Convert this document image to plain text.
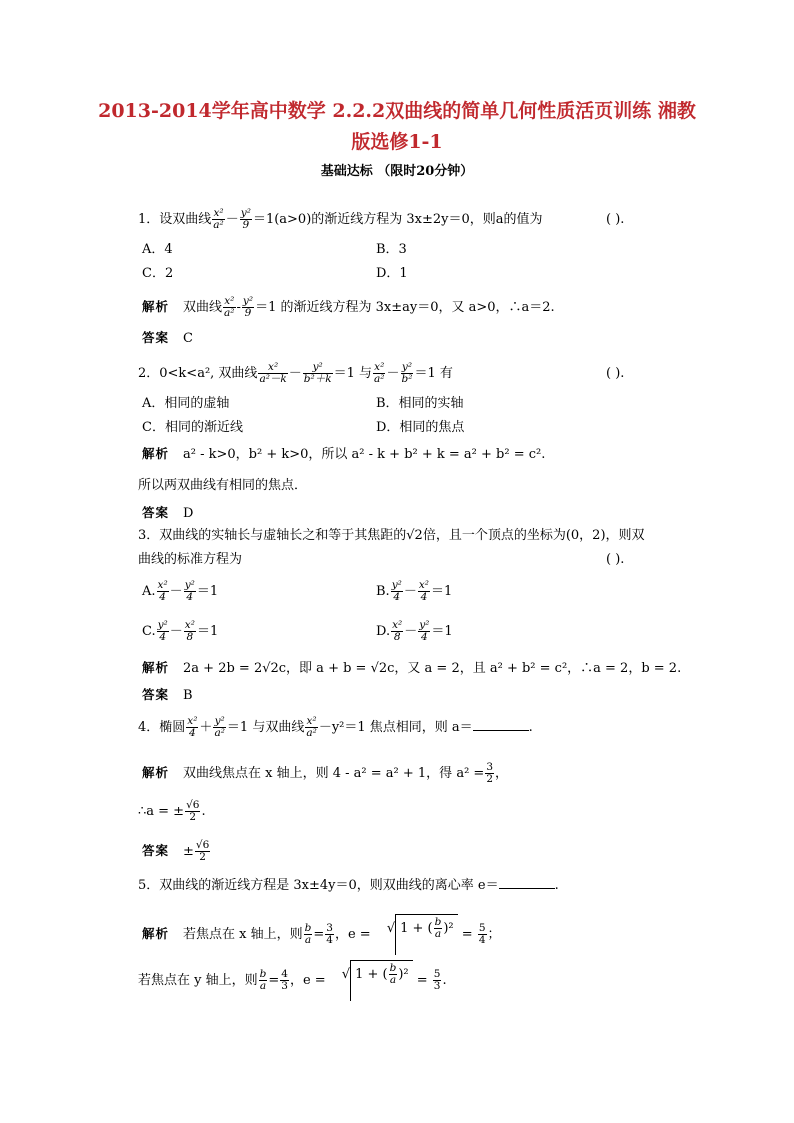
2013-2014学年高中数学 2.2.2双曲线的简单几何性质活页训练 湘教
版选修1-1
基础达标 （限时20分钟）
1．设双曲线 $\frac{\text{x²}}{\text{a²}} - \frac{\text{y²}}{9} =1(a>0)$的渐近线方程为 3x±2y＝0，则a的值为	( ).
A．4	B．3
C．2	D．1
解析 双曲线 $\frac{\text{x²}}{\text{a²}} - \frac{\text{y²}}{9} =1$ 的渐近线方程为 3x±ay＝0，又 a>0，∴a＝2.
答案 C
2．0<k<a², 双曲线 $\frac{\text{x²}}{\text{a²－k}} - \frac{\text{y²}}{\text{b²＋k}} =1$ 与 $\frac{\text{x²}}{\text{a²}} - \frac{\text{y²}}{\text{b²}} =1$ 有	( ).
A．相同的虚轴	B．相同的实轴
C．相同的渐近线	D．相同的焦点
解析 a² - k>0，b² + k>0，所以 a² - k + b² + k = a² + b² = c².
所以两双曲线有相同的焦点．
答案 D
3．双曲线的实轴长与虚轴长之和等于其焦距的√2倍，且一个顶点的坐标为(0，2)，则双
曲线的标准方程为	( ).
A. $\frac{\text{x²}}{4} - \frac{\text{y²}}{4} =1$	B. $\frac{\text{y²}}{4} - \frac{\text{x²}}{4} =1$
C. $\frac{\text{y²}}{4} - \frac{\text{x²}}{8} =1$	D. $\frac{\text{x²}}{8} - \frac{\text{y²}}{4} =1$
解析 2a + 2b = 2√2c，即 a + b = √2c，又 a = 2，且 a² + b² = c²，∴a = 2，b = 2.
答案 B
4．椭圆 $\frac{\text{x²}}{4} + \frac{\text{y²}}{\text{a²}} =1$ 与双曲线 $\frac{\text{x²}}{\text{a²}} -y^2=1$ 焦点相同，则 a＝	.
解析 双曲线焦点在 x 轴上，则 4 - a² = a² + 1，得 $a^2 = \frac{3}{2}$ ，
∴a = ± $\frac{√6}{2}$ .
答案 ± $\frac{√6}{2}$
5．双曲线的渐近线方程是 3x±4y＝0，则双曲线的离心率 e＝	.
解析 若焦点在 x 轴上，则 $\frac{b}{a} = \frac{3}{4}$ ，e = √ 1 + ( $\frac{b}{a} )^2 = \frac{5}{4}$ ；
若焦点在 y 轴上，则 $\frac{b}{a} = \frac{4}{3}$ ，e = √ 1 + ( $\frac{b}{a} )^2 = \frac{5}{3}$ .
